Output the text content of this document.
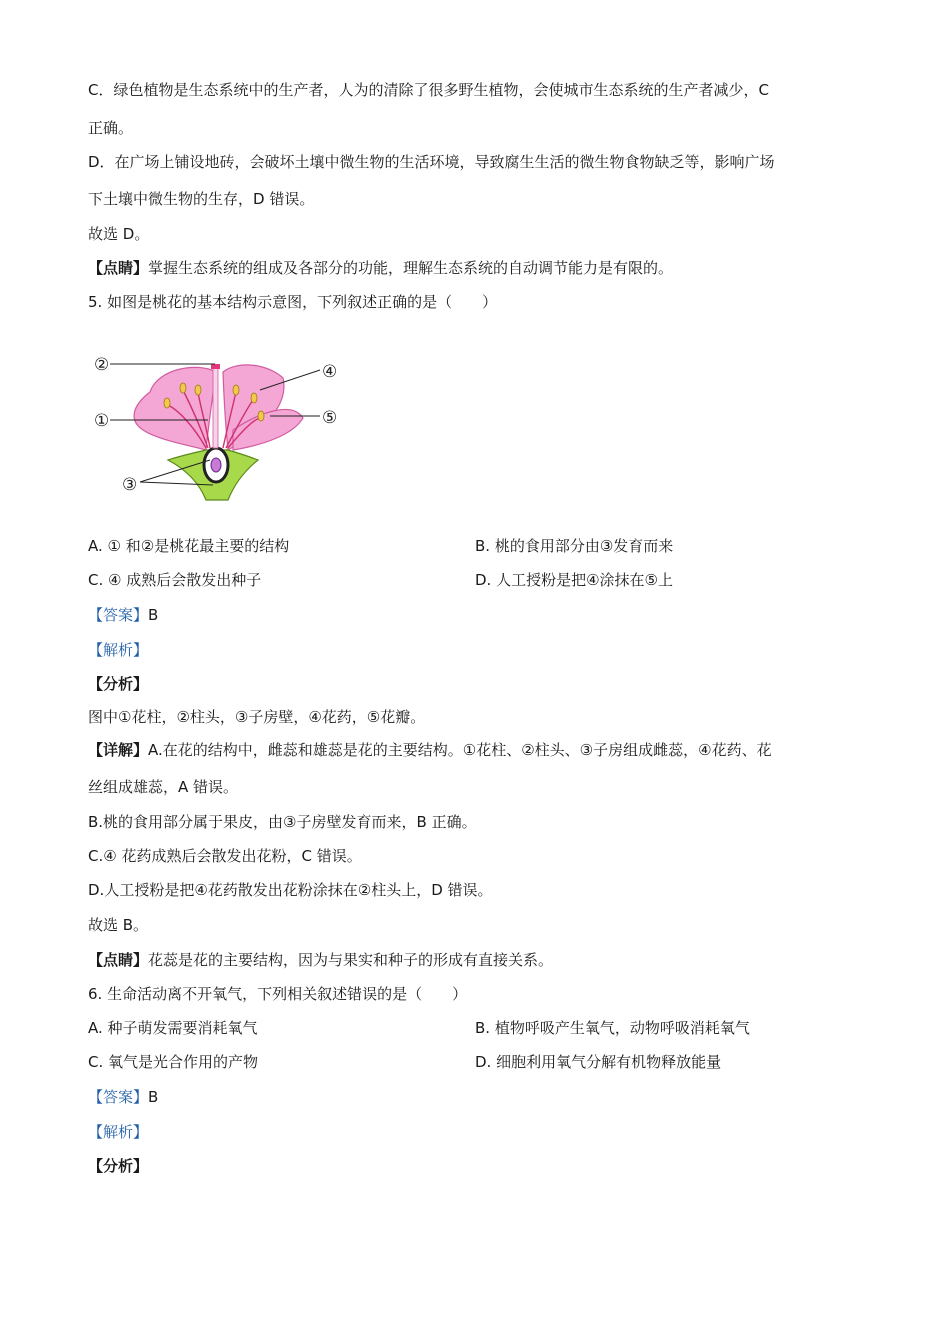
C．绿色植物是生态系统中的生产者，人为的清除了很多野生植物，会使城市生态系统的生产者减少，C
正确。
D．在广场上铺设地砖，会破坏土壤中微生物的生活环境，导致腐生生活的微生物食物缺乏等，影响广场
下土壤中微生物的生存，D 错误。
故选 D。
【点睛】掌握生态系统的组成及各部分的功能，理解生态系统的自动调节能力是有限的。
5. 如图是桃花的基本结构示意图，下列叙述正确的是（　　）
②
①
③
④
⑤
A. ① 和②是桃花最主要的结构	B. 桃的食用部分由③发育而来
C. ④ 成熟后会散发出种子	D. 人工授粉是把④涂抹在⑤上
【答案】B
【解析】
【分析】
图中①花柱，②柱头，③子房壁，④花药，⑤花瓣。
【详解】A.在花的结构中，雌蕊和雄蕊是花的主要结构。①花柱、②柱头、③子房组成雌蕊，④花药、花
丝组成雄蕊，A 错误。
B.桃的食用部分属于果皮，由③子房壁发育而来，B 正确。
C.④ 花药成熟后会散发出花粉，C 错误。
D.人工授粉是把④花药散发出花粉涂抹在②柱头上，D 错误。
故选 B。
【点睛】花蕊是花的主要结构，因为与果实和种子的形成有直接关系。
6. 生命活动离不开氧气，下列相关叙述错误的是（　　）
A. 种子萌发需要消耗氧气	B. 植物呼吸产生氧气，动物呼吸消耗氧气
C. 氧气是光合作用的产物	D. 细胞利用氧气分解有机物释放能量
【答案】B
【解析】
【分析】
